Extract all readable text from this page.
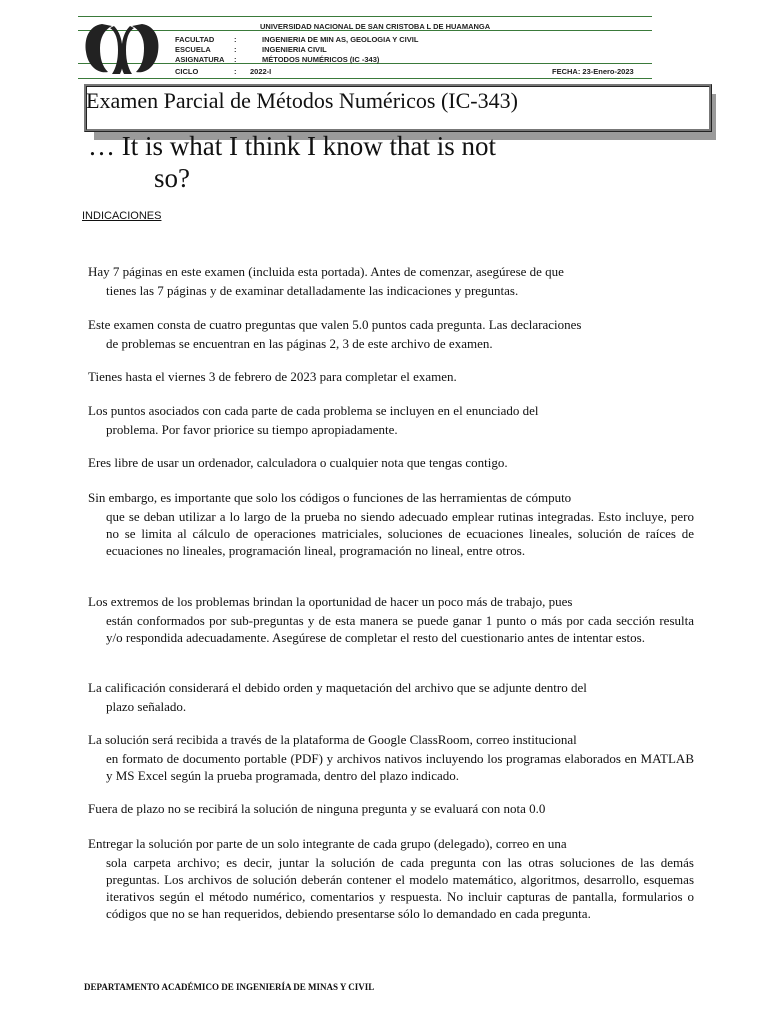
UNIVERSIDAD NACIONAL DE SAN CRISTOBA L DE HUAMANGA
FACULTAD	:	INGENIERIA DE MIN AS, GEOLOGIA Y CIVIL
ESCUELA	:	INGENIERIA CIVIL
ASIGNATURA :	MÉTODOS NUMÉRICOS (IC -343)
CICLO	: 2022-I	FECHA: 23-Enero-2023
Examen Parcial de Métodos Numéricos (IC-343)
… It is what I think I know that is not
so?
INDICACIONES
Hay 7 páginas en este examen (incluida esta portada). Antes de comenzar, asegúrese de que
tienes las 7 páginas y de examinar detalladamente las indicaciones y preguntas.
Este examen consta de cuatro preguntas que valen 5.0 puntos cada pregunta. Las declaraciones
de problemas se encuentran en las páginas 2, 3 de este archivo de examen.
Tienes hasta el viernes 3 de febrero de 2023 para completar el examen.
Los puntos asociados con cada parte de cada problema se incluyen en el enunciado del
problema. Por favor priorice su tiempo apropiadamente.
Eres libre de usar un ordenador, calculadora o cualquier nota que tengas contigo.
Sin embargo, es importante que solo los códigos o funciones de las herramientas de cómputo
que se deban utilizar a lo largo de la prueba no siendo adecuado emplear rutinas integradas. Esto incluye, pero no se limita al cálculo de operaciones matriciales, soluciones de ecuaciones lineales, solución de raíces de ecuaciones no lineales, programación lineal, programación no lineal, entre otros.
Los extremos de los problemas brindan la oportunidad de hacer un poco más de trabajo, pues
están conformados por sub-preguntas y de esta manera se puede ganar 1 punto o más por cada sección resulta y/o respondida adecuadamente. Asegúrese de completar el resto del cuestionario antes de intentar estos.
La calificación considerará el debido orden y maquetación del archivo que se adjunte dentro del
plazo señalado.
La solución será recibida a través de la plataforma de Google ClassRoom, correo institucional
en formato de documento portable (PDF) y archivos nativos incluyendo los programas elaborados en MATLAB y MS Excel según la prueba programada, dentro del plazo indicado.
Fuera de plazo no se recibirá la solución de ninguna pregunta y se evaluará con nota 0.0
Entregar la solución por parte de un solo integrante de cada grupo (delegado), correo en una
sola carpeta archivo; es decir, juntar la solución de cada pregunta con las otras soluciones de las demás preguntas. Los archivos de solución deberán contener el modelo matemático, algoritmos, desarrollo, esquemas iterativos según el método numérico, comentarios y respuesta. No incluir capturas de pantalla, formularios o códigos que no se han requeridos, debiendo presentarse sólo lo demandado en cada pregunta.
DEPARTAMENTO ACADÉMICO DE INGENIERÍA DE MINAS Y CIVIL
